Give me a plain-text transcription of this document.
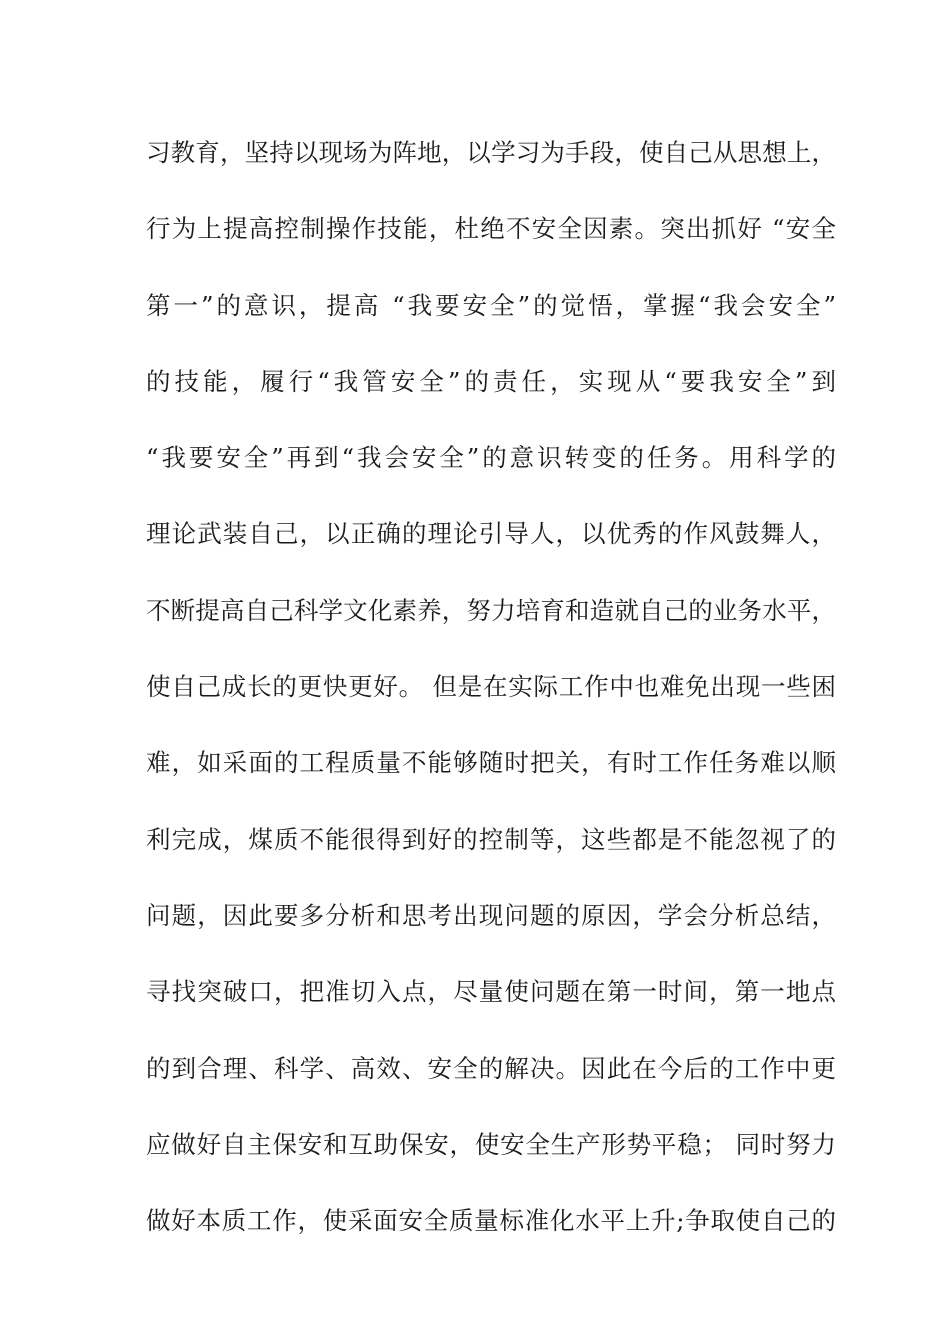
习教育，坚持以现场为阵地，以学习为手段，使自己从思想上，
行为上提高控制操作技能，杜绝不安全因素。突出抓好 “安全
第一”的意识，提高 “我要安全”的觉悟，掌握“我会安全”
的技能，履行“我管安全”的责任，实现从“要我安全”到
“我要安全”再到“我会安全”的意识转变的任务。用科学的
理论武装自己，以正确的理论引导人，以优秀的作风鼓舞人，
不断提高自己科学文化素养，努力培育和造就自己的业务水平，
使自己成长的更快更好。 但是在实际工作中也难免出现一些困
难，如采面的工程质量不能够随时把关，有时工作任务难以顺
利完成，煤质不能很得到好的控制等，这些都是不能忽视了的
问题，因此要多分析和思考出现问题的原因，学会分析总结，
寻找突破口，把准切入点，尽量使问题在第一时间，第一地点
的到合理、科学、高效、安全的解决。因此在今后的工作中更
应做好自主保安和互助保安，使安全生产形势平稳； 同时努力
做好本质工作，使采面安全质量标准化水平上升;争取使自己的
